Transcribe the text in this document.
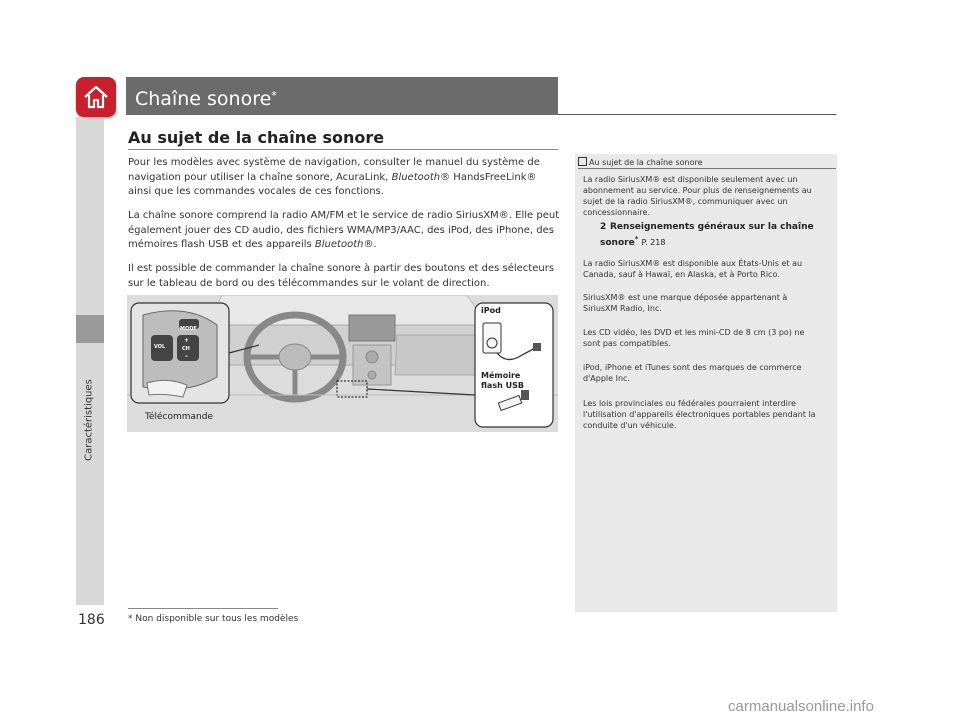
Chaîne sonore*
Caractéristiques
Au sujet de la chaîne sonore

Pour les modèles avec système de navigation, consulter le manuel du système de navigation pour utiliser la chaîne sonore, AcuraLink, Bluetooth® HandsFreeLink® ainsi que les commandes vocales de ces fonctions.

La chaîne sonore comprend la radio AM/FM et le service de radio SiriusXM®. Elle peut également jouer des CD audio, des fichiers WMA/MP3/AAC, des iPod, des iPhone, des mémoires flash USB et des appareils Bluetooth®.

Il est possible de commander la chaîne sonore à partir des boutons et des sélecteurs sur le tableau de bord ou des télécommandes sur le volant de direction.

MODE
VOL
+
CH
–
Télécommande
iPod
Mémoire
flash USB
Au sujet de la chaîne sonore

La radio SiriusXM® est disponible seulement avec un abonnement au service. Pour plus de renseignements au sujet de la radio SiriusXM®, communiquer avec un concessionnaire.

2 Renseignements généraux sur la chaîne sonore* P. 218

La radio SiriusXM® est disponible aux États-Unis et au Canada, sauf à Hawaï, en Alaska, et à Porto Rico.

SiriusXM® est une marque déposée appartenant à SiriusXM Radio, Inc.

Les CD vidéo, les DVD et les mini-CD de 8 cm (3 po) ne sont pas compatibles.

iPod, iPhone et iTunes sont des marques de commerce d'Apple Inc.

Les lois provinciales ou fédérales pourraient interdire l'utilisation d'appareils électroniques portables pendant la conduite d'un véhicule.

186	* Non disponible sur tous les modèles
carmanualsonline.info
